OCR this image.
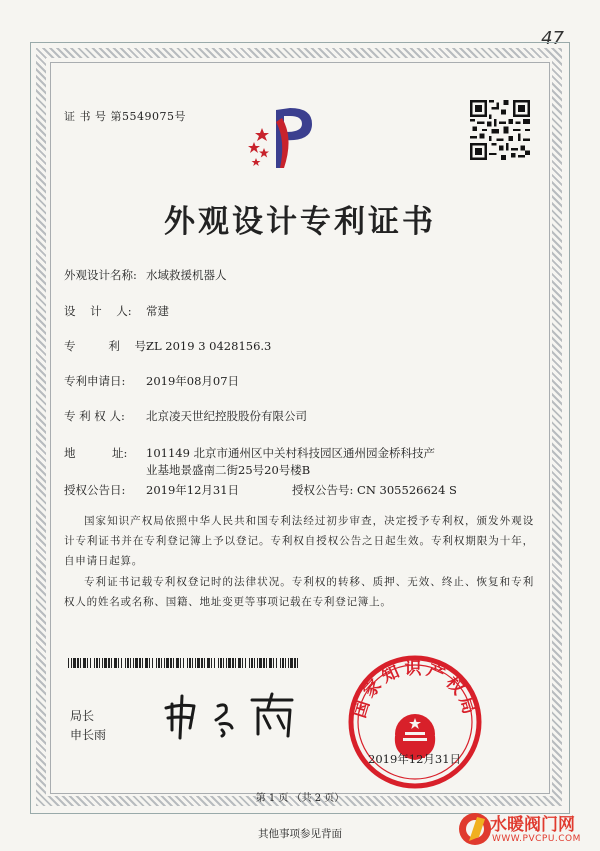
47
证 书 号 第5549075号
外观设计专利证书
外观设计名称: 水域救援机器人
设    计    人: 常建
专         利    号:ZL 2019 3 0428156.3
专利申请日: 2019年08月07日
专 利 权 人: 北京凌天世纪控股股份有限公司
地          址: 101149 北京市通州区中关村科技园区通州园金桥科技产
业基地景盛南二街25号20号楼B
授权公告日: 2019年12月31日	授权公告号: CN 305526624 S
国家知识产权局依照中华人民共和国专利法经过初步审查，决定授予专利权，颁发外观设计专利证书并在专利登记簿上予以登记。专利权自授权公告之日起生效。专利权期限为十年，自申请日起算。
专利证书记载专利权登记时的法律状况。专利权的转移、质押、无效、终止、恢复和专利权人的姓名或名称、国籍、地址变更等事项记载在专利登记簿上。
局长
申长雨
国家知识产权局
2019年12月31日
第 1 页 （共 2 页）
其他事项参见背面	水暖阀门网
WWW.PVCPU.COM
